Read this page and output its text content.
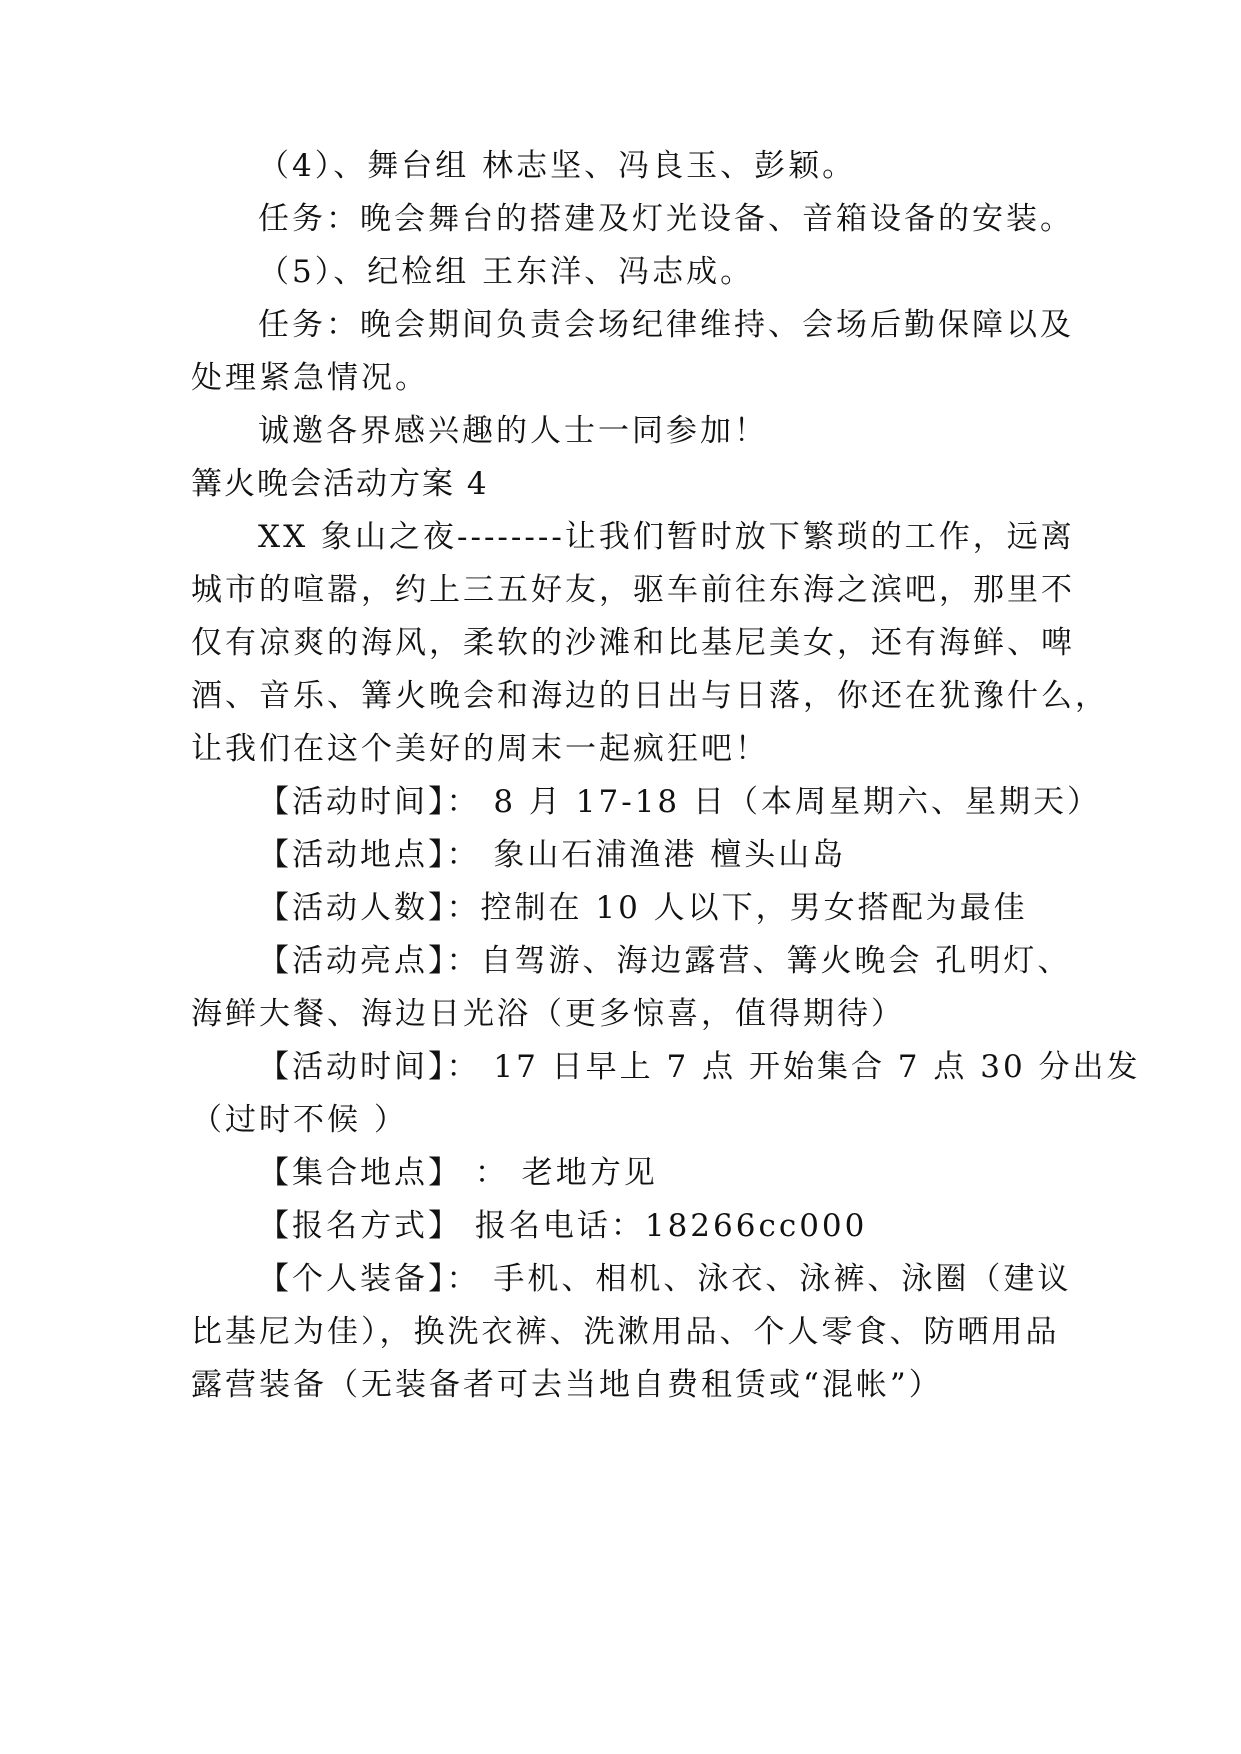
（4）、舞台组 林志坚、冯良玉、彭颖。
任务：晚会舞台的搭建及灯光设备、音箱设备的安装。
（5）、纪检组 王东洋、冯志成。
任务：晚会期间负责会场纪律维持、会场后勤保障以及
处理紧急情况。
诚邀各界感兴趣的人士一同参加！
篝火晚会活动方案 4
XX 象山之夜--------让我们暂时放下繁琐的工作，远离
城市的喧嚣，约上三五好友，驱车前往东海之滨吧，那里不
仅有凉爽的海风，柔软的沙滩和比基尼美女，还有海鲜、啤
酒、音乐、篝火晚会和海边的日出与日落，你还在犹豫什么，
让我们在这个美好的周末一起疯狂吧！
【活动时间】： 8 月 17-18 日（本周星期六、星期天）
【活动地点】： 象山石浦渔港 檀头山岛
【活动人数】：控制在 10 人以下，男女搭配为最佳
【活动亮点】：自驾游、海边露营、篝火晚会 孔明灯、
海鲜大餐、海边日光浴（更多惊喜，值得期待）
【活动时间】： 17 日早上 7 点 开始集合 7 点 30 分出发
（过时不候 ）
【集合地点】 ： 老地方见
【报名方式】 报名电话：18266cc000
【个人装备】： 手机、相机、泳衣、泳裤、泳圈（建议
比基尼为佳），换洗衣裤、洗漱用品、个人零食、防晒用品
露营装备（无装备者可去当地自费租赁或“混帐”）
